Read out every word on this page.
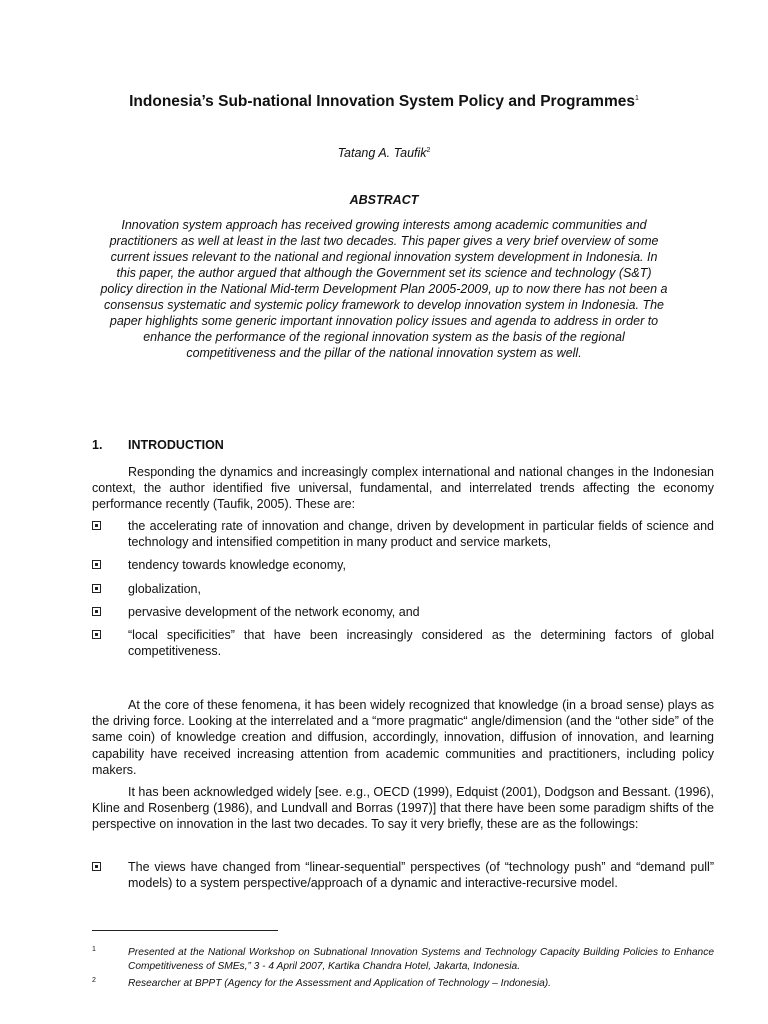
Indonesia’s Sub-national Innovation System Policy and Programmes$^1$
Tatang A. Taufik$^2$
ABSTRACT
Innovation system approach has received growing interests among academic communities and practitioners as well at least in the last two decades. This paper gives a very brief overview of some current issues relevant to the national and regional innovation system development in Indonesia. In this paper, the author argued that although the Government set its science and technology (S&T) policy direction in the National Mid-term Development Plan 2005-2009, up to now there has not been a consensus systematic and systemic policy framework to develop innovation system in Indonesia. The paper highlights some generic important innovation policy issues and agenda to address in order to enhance the performance of the regional innovation system as the basis of the regional competitiveness and the pillar of the national innovation system as well.
1. INTRODUCTION
Responding the dynamics and increasingly complex international and national changes in the Indonesian context, the author identified five universal, fundamental, and interrelated trends affecting the economy performance recently (Taufik, 2005). These are:
the accelerating rate of innovation and change, driven by development in particular fields of science and technology and intensified competition in many product and service markets,
tendency towards knowledge economy,
globalization,
pervasive development of the network economy, and
“local specificities” that have been increasingly considered as the determining factors of global competitiveness.
At the core of these fenomena, it has been widely recognized that knowledge (in a broad sense) plays as the driving force. Looking at the interrelated and a “more pragmatic“ angle/dimension (and the “other side” of the same coin) of knowledge creation and diffusion, accordingly, innovation, diffusion of innovation, and learning capability have received increasing attention from academic communities and practitioners, including policy makers.
It has been acknowledged widely [see. e.g., OECD (1999), Edquist (2001), Dodgson and Bessant. (1996), Kline and Rosenberg (1986), and Lundvall and Borras (1997)] that there have been some paradigm shifts of the perspective on innovation in the last two decades. To say it very briefly, these are as the followings:
The views have changed from “linear-sequential” perspectives (of “technology push” and “demand pull” models) to a system perspective/approach of a dynamic and interactive-recursive model.
1	Presented at the National Workshop on Subnational Innovation Systems and Technology Capacity Building Policies to Enhance Competitiveness of SMEs,” 3 - 4 April 2007, Kartika Chandra Hotel, Jakarta, Indonesia.
2	Researcher at BPPT (Agency for the Assessment and Application of Technology – Indonesia).
